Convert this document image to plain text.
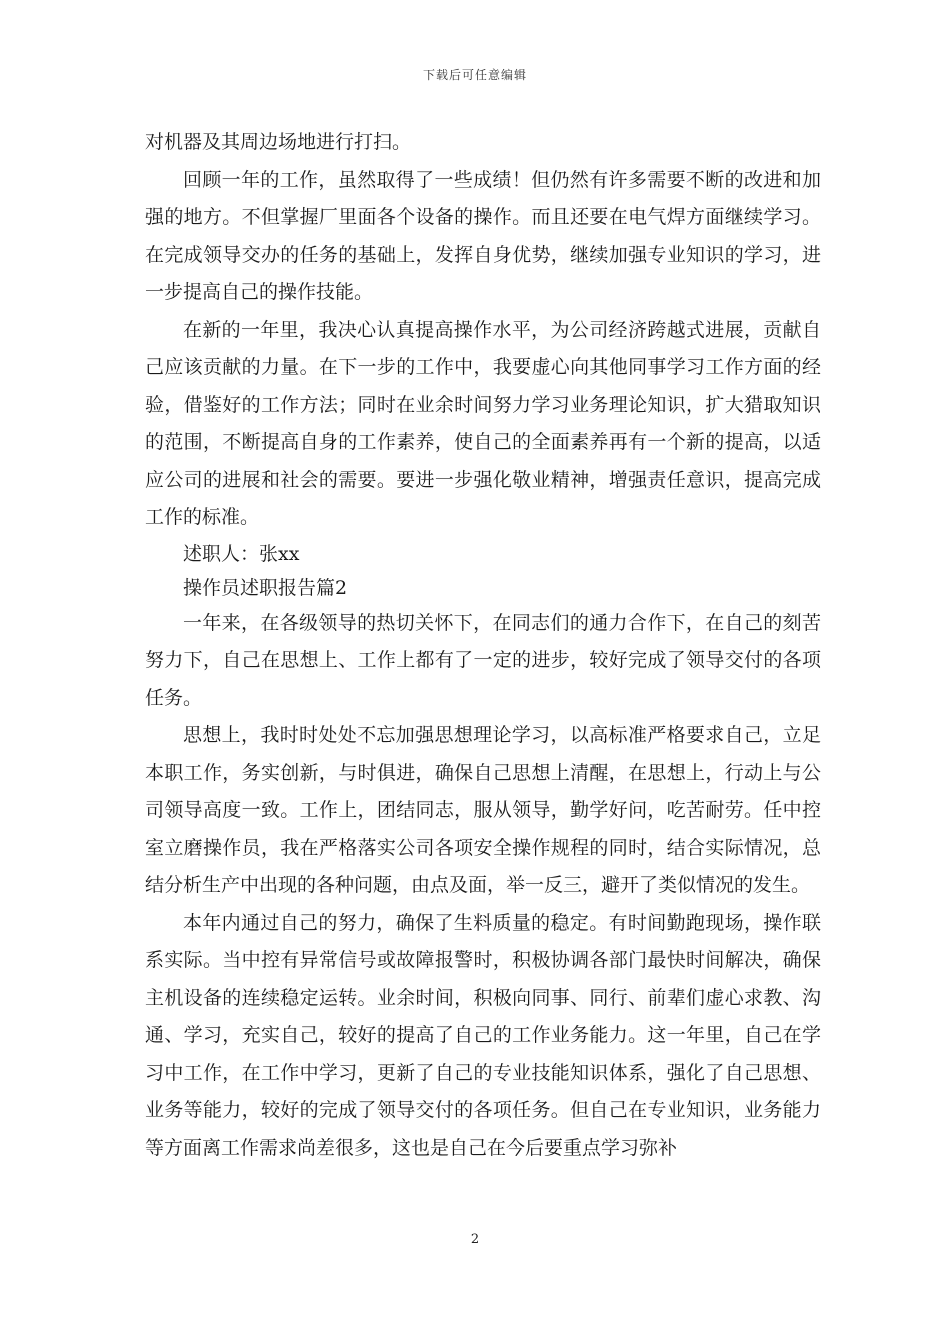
下载后可任意编辑

对机器及其周边场地进行打扫。

回顾一年的工作，虽然取得了一些成绩！但仍然有许多需要不断的改进和加强的地方。不但掌握厂里面各个设备的操作。而且还要在电气焊方面继续学习。在完成领导交办的任务的基础上，发挥自身优势，继续加强专业知识的学习，进一步提高自己的操作技能。

在新的一年里，我决心认真提高操作水平，为公司经济跨越式进展，贡献自己应该贡献的力量。在下一步的工作中，我要虚心向其他同事学习工作方面的经验，借鉴好的工作方法；同时在业余时间努力学习业务理论知识，扩大猎取知识的范围，不断提高自身的工作素养，使自己的全面素养再有一个新的提高，以适应公司的进展和社会的需要。要进一步强化敬业精神，增强责任意识，提高完成工作的标准。

述职人：张xx

操作员述职报告篇2

一年来，在各级领导的热切关怀下，在同志们的通力合作下，在自己的刻苦努力下，自己在思想上、工作上都有了一定的进步，较好完成了领导交付的各项任务。

思想上，我时时处处不忘加强思想理论学习，以高标准严格要求自己，立足本职工作，务实创新，与时俱进，确保自己思想上清醒，在思想上，行动上与公司领导高度一致。工作上，团结同志，服从领导，勤学好问，吃苦耐劳。任中控室立磨操作员，我在严格落实公司各项安全操作规程的同时，结合实际情况，总结分析生产中出现的各种问题，由点及面，举一反三，避开了类似情况的发生。

本年内通过自己的努力，确保了生料质量的稳定。有时间勤跑现场，操作联系实际。当中控有异常信号或故障报警时，积极协调各部门最快时间解决，确保主机设备的连续稳定运转。业余时间，积极向同事、同行、前辈们虚心求教、沟通、学习，充实自己，较好的提高了自己的工作业务能力。这一年里，自己在学习中工作，在工作中学习，更新了自己的专业技能知识体系，强化了自己思想、业务等能力，较好的完成了领导交付的各项任务。但自己在专业知识，业务能力等方面离工作需求尚差很多，这也是自己在今后要重点学习弥补

2
